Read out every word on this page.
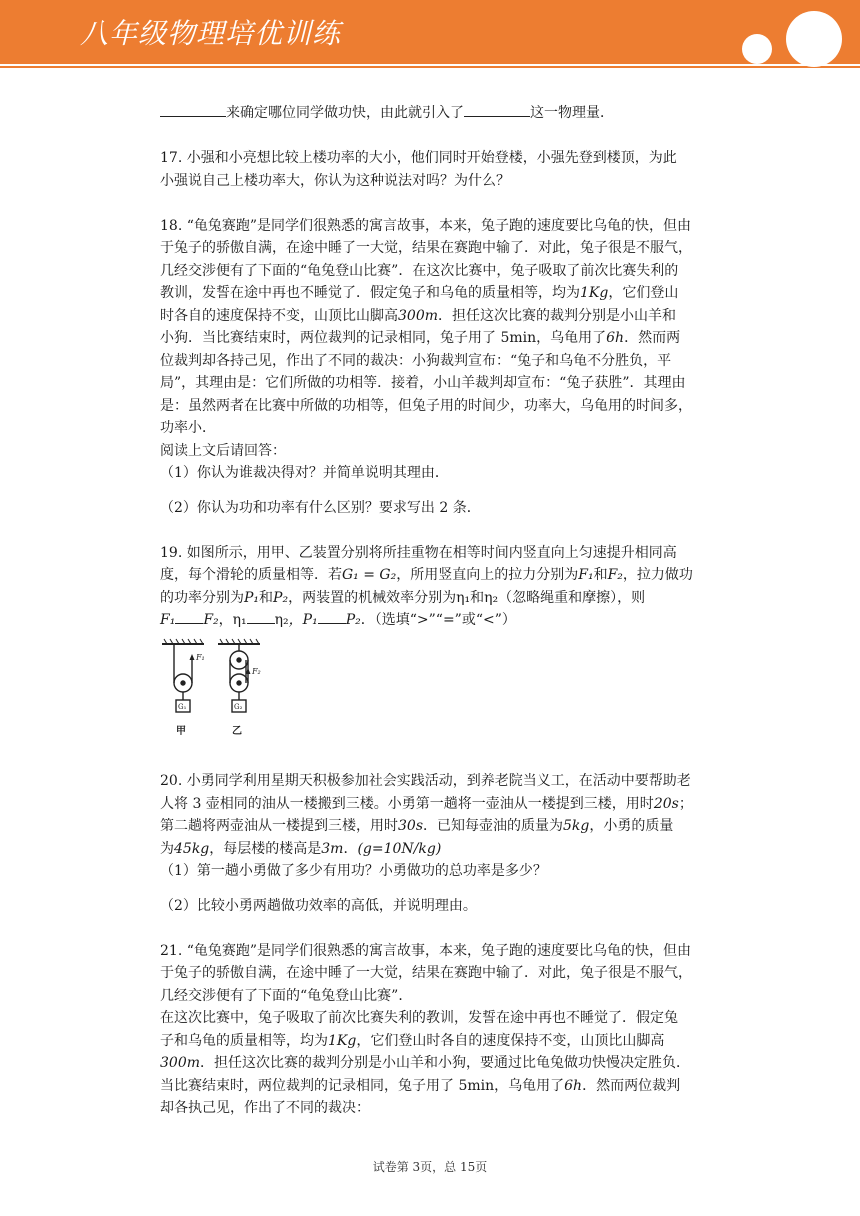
八年级物理培优训练

来确定哪位同学做功快，由此就引入了	这一物理量．

17. 小强和小亮想比较上楼功率的大小，他们同时开始登楼，小强先登到楼顶，为此

小强说自己上楼功率大，你认为这种说法对吗？为什么？

18. “龟兔赛跑”是同学们很熟悉的寓言故事，本来，兔子跑的速度要比乌龟的快，但由

于兔子的骄傲自满，在途中睡了一大觉，结果在赛跑中输了．对此，兔子很是不服气，

几经交涉便有了下面的“龟兔登山比赛”．在这次比赛中，兔子吸取了前次比赛失利的

教训，发誓在途中再也不睡觉了．假定兔子和乌龟的质量相等，均为1Kg，它们登山

时各自的速度保持不变，山顶比山脚高300m．担任这次比赛的裁判分别是小山羊和

小狗．当比赛结束时，两位裁判的记录相同，兔子用了 5min，乌龟用了6h．然而两

位裁判却各持己见，作出了不同的裁决：小狗裁判宣布：“兔子和乌龟不分胜负，平

局”，其理由是：它们所做的功相等．接着，小山羊裁判却宣布：“兔子获胜”．其理由

是：虽然两者在比赛中所做的功相等，但兔子用的时间少，功率大，乌龟用的时间多，

功率小．

阅读上文后请回答：

（1）你认为谁裁决得对？并简单说明其理由．

（2）你认为功和功率有什么区别？要求写出 2 条．

19. 如图所示，用甲、乙装置分别将所挂重物在相等时间内竖直向上匀速提升相同高

度，每个滑轮的质量相等．若G₁ = G₂，所用竖直向上的拉力分别为F₁和F₂，拉力做功

的功率分别为P₁和P₂，两装置的机械效率分别为η₁和η₂（忽略绳重和摩擦），则

F₁ F₂，η₁ η₂，P₁ P₂．（选填“>”“=”或“<”）

F₁
G₁
甲
F₂
G₂
乙

20. 小勇同学利用星期天积极参加社会实践活动，到养老院当义工，在活动中要帮助老

人将 3 壶相同的油从一楼搬到三楼。小勇第一趟将一壶油从一楼提到三楼，用时20s；

第二趟将两壶油从一楼提到三楼，用时30s．已知每壶油的质量为5kg，小勇的质量

为45kg，每层楼的楼高是3m．(g=10N/kg)

（1）第一趟小勇做了多少有用功？小勇做功的总功率是多少？

（2）比较小勇两趟做功效率的高低，并说明理由。

21. “龟兔赛跑”是同学们很熟悉的寓言故事，本来，兔子跑的速度要比乌龟的快，但由

于兔子的骄傲自满，在途中睡了一大觉，结果在赛跑中输了．对此，兔子很是不服气，

几经交涉便有了下面的“龟兔登山比赛”．

在这次比赛中，兔子吸取了前次比赛失利的教训，发誓在途中再也不睡觉了．假定兔

子和乌龟的质量相等，均为1Kg，它们登山时各自的速度保持不变，山顶比山脚高

300m．担任这次比赛的裁判分别是小山羊和小狗，要通过比龟兔做功快慢决定胜负．

当比赛结束时，两位裁判的记录相同，兔子用了 5min，乌龟用了6h．然而两位裁判

却各执己见，作出了不同的裁决：

试卷第 3页，总 15页
